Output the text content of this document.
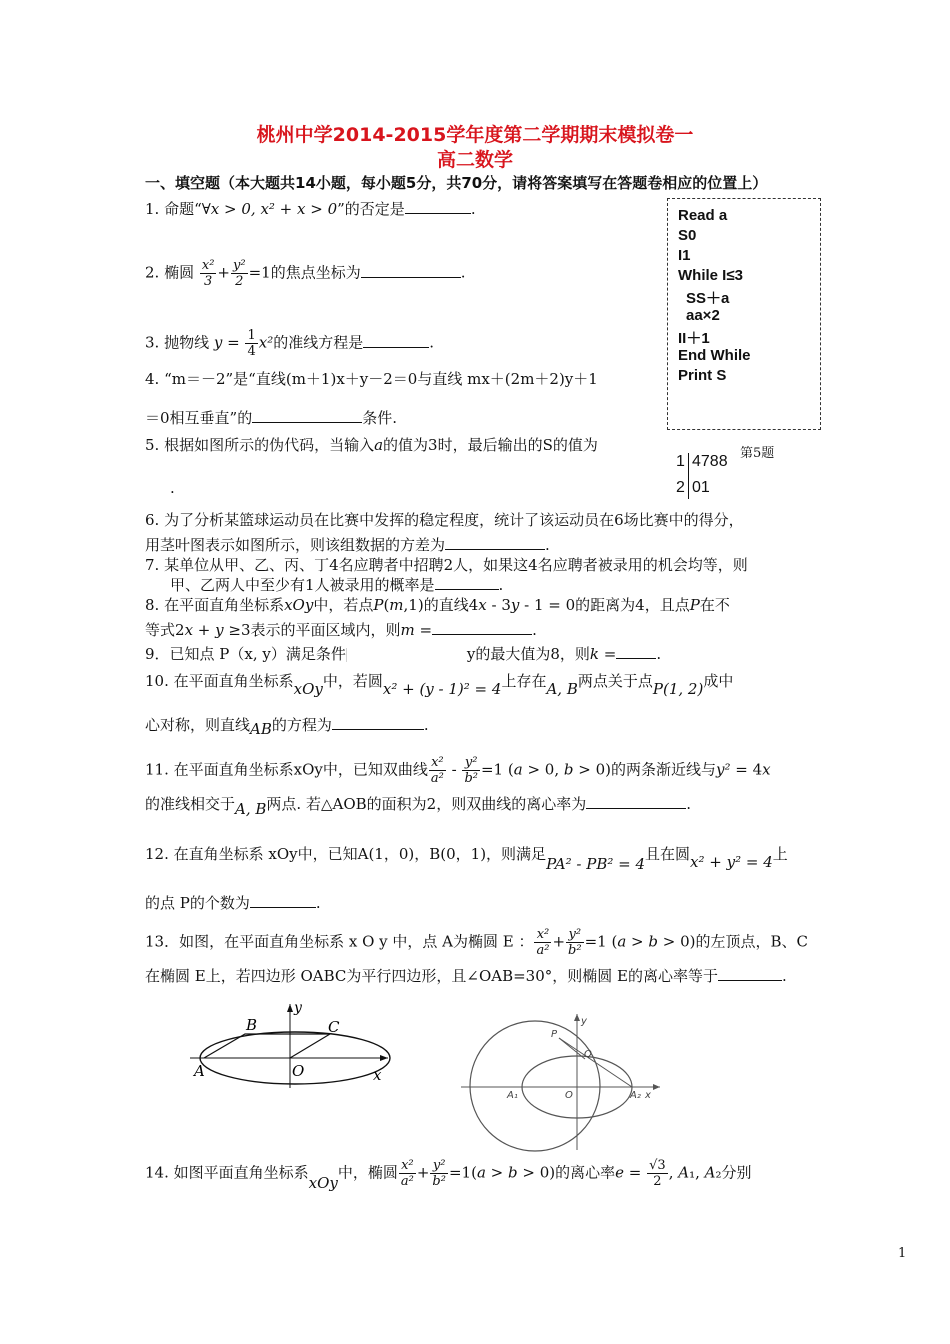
桃州中学2014-2015学年度第二学期期末模拟卷一
高二数学
一、填空题（本大题共14小题，每小题5分，共70分，请将答案填写在答题卷相应的位置上）
1. 命题“∀x > 0, x² + x > 0”的否定是	.
2. 椭圆 $\frac{\text{x²}}{3} + \frac{\text{y²}}{2} =1$的焦点坐标为	.
3. 抛物线 $y = \frac{1}{4} x^2$的准线方程是	.
4. “m＝－2”是“直线(m＋1)x＋y－2＝0与直线 mx＋(2m＋2)y＋1
＝0相互垂直”的	条件.
5. 根据如图所示的伪代码，当输入a的值为3时，最后输出的S的值为
.
Read a
S0
I1
While I≤3
SS＋a
aa×2
II＋1
End While
Print S
第5题
1 4788
2 01
6. 为了分析某篮球运动员在比赛中发挥的稳定程度，统计了该运动员在6场比赛中的得分，
用茎叶图表示如图所示，则该组数据的方差为	.
7. 某单位从甲、乙、丙、丁4名应聘者中招聘2人，如果这4名应聘者被录用的机会均等，则
甲、乙两人中至少有1人被录用的概率是	.
8. 在平面直角坐标系xOy中，若点P(m,1)的直线4x - 3y - 1 = 0的距离为4，且点P在不
等式2x + y ≥3表示的平面区域内，则m =	.
9．已知点 P（x, y）满足条件	y的最大值为8，则k =	.
10. 在平面直角坐标系xOy中，若圆x² + (y - 1)² = 4上存在A, B两点关于点P(1, 2)成中
心对称，则直线AB的方程为	.
11. 在平面直角坐标系xOy中，已知双曲线 $\frac{\text{x²}}{\text{a²}} - \frac{\text{y²}}{\text{b²}} =1$ (a > 0, b > 0)的两条渐近线与y² = 4x
的准线相交于A, B两点. 若△AOB的面积为2，则双曲线的离心率为	.
12. 在直角坐标系 xOy中，已知A(1，0)，B(0，1)，则满足PA² - PB² = 4且在圆x² + y² = 4上
的点 P的个数为	.
13．如图，在平面直角坐标系 x O y 中，点 A为椭圆 E ： $\frac{\text{x²}}{\text{a²}} + \frac{\text{y²}}{\text{b²}} =1$ (a > b > 0)的左顶点，B、C
在椭圆 E上，若四边形 OABC为平行四边形，且∠OAB=30°，则椭圆 E的离心率等于	.
A
B	C
O	x
y
P
Q
A₁	O	A₂ x
y
14. 如图平面直角坐标系xOy中，椭圆 $\frac{\text{x²}}{\text{a²}} + \frac{\text{y²}}{\text{b²}} =1(a > b > 0)$的离心率$e = \frac{√3}{2}$ , A₁, A₂分别
1
